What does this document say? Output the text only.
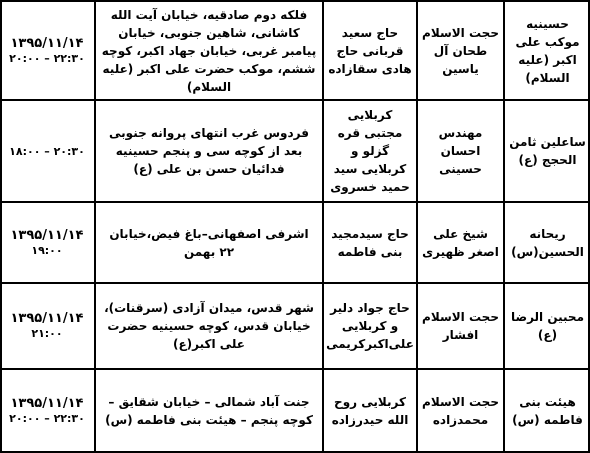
حسینیه موکب علی اکبر (علیه السلام)
حجت الاسلام طحان آل یاسین
حاج سعید قربانی حاج هادی سقازاده
فلکه دوم صادقیه، خیابان آیت الله کاشانی، شاهین جنوبی، خیابان پیامبر غربی، خیابان جهاد اکبر، کوچه ششم، موکب حضرت علی اکبر (علیه السلام)
۱۳۹۵/۱۱/۱۴
۲۰:۰۰ – ۲۲:۳۰
ساعلین ثامن الحجج (ع)
مهندس احسان حسینی
کربلایی مجتبی قره گزلو و کربلایی سید حمید خسروی
فردوس غرب انتهای پروانه جنوبی بعد از کوچه سی و پنجم حسینیه فدائیان حسن بن علی (ع)
۱۸:۰۰ – ۲۰:۳۰
ریحانه الحسین(س)
شیخ علی اصغر ظهیری
حاج سیدمجید بنی فاطمه
اشرفی اصفهانی–باغ فیض،خیابان ۲۲ بهمن
۱۳۹۵/۱۱/۱۴
۱۹:۰۰
محبین الرضا (ع)
حجت الاسلام افشار
حاج جواد دلیر و کربلایی علی‌اکبرکریمی
شهر قدس، میدان آزادی (سرقنات)، خیابان قدس، کوچه حسینیه حضرت علی اکبر(ع)
۱۳۹۵/۱۱/۱۴
۲۱:۰۰
هیئت بنی فاطمه (س)
حجت الاسلام محمدزاده
کربلایی روح الله حیدرزاده
جنت آباد شمالی – خیابان شقایق – کوچه پنجم – هیئت بنی فاطمه (س)
۱۳۹۵/۱۱/۱۴
۲۰:۰۰ – ۲۲:۳۰
